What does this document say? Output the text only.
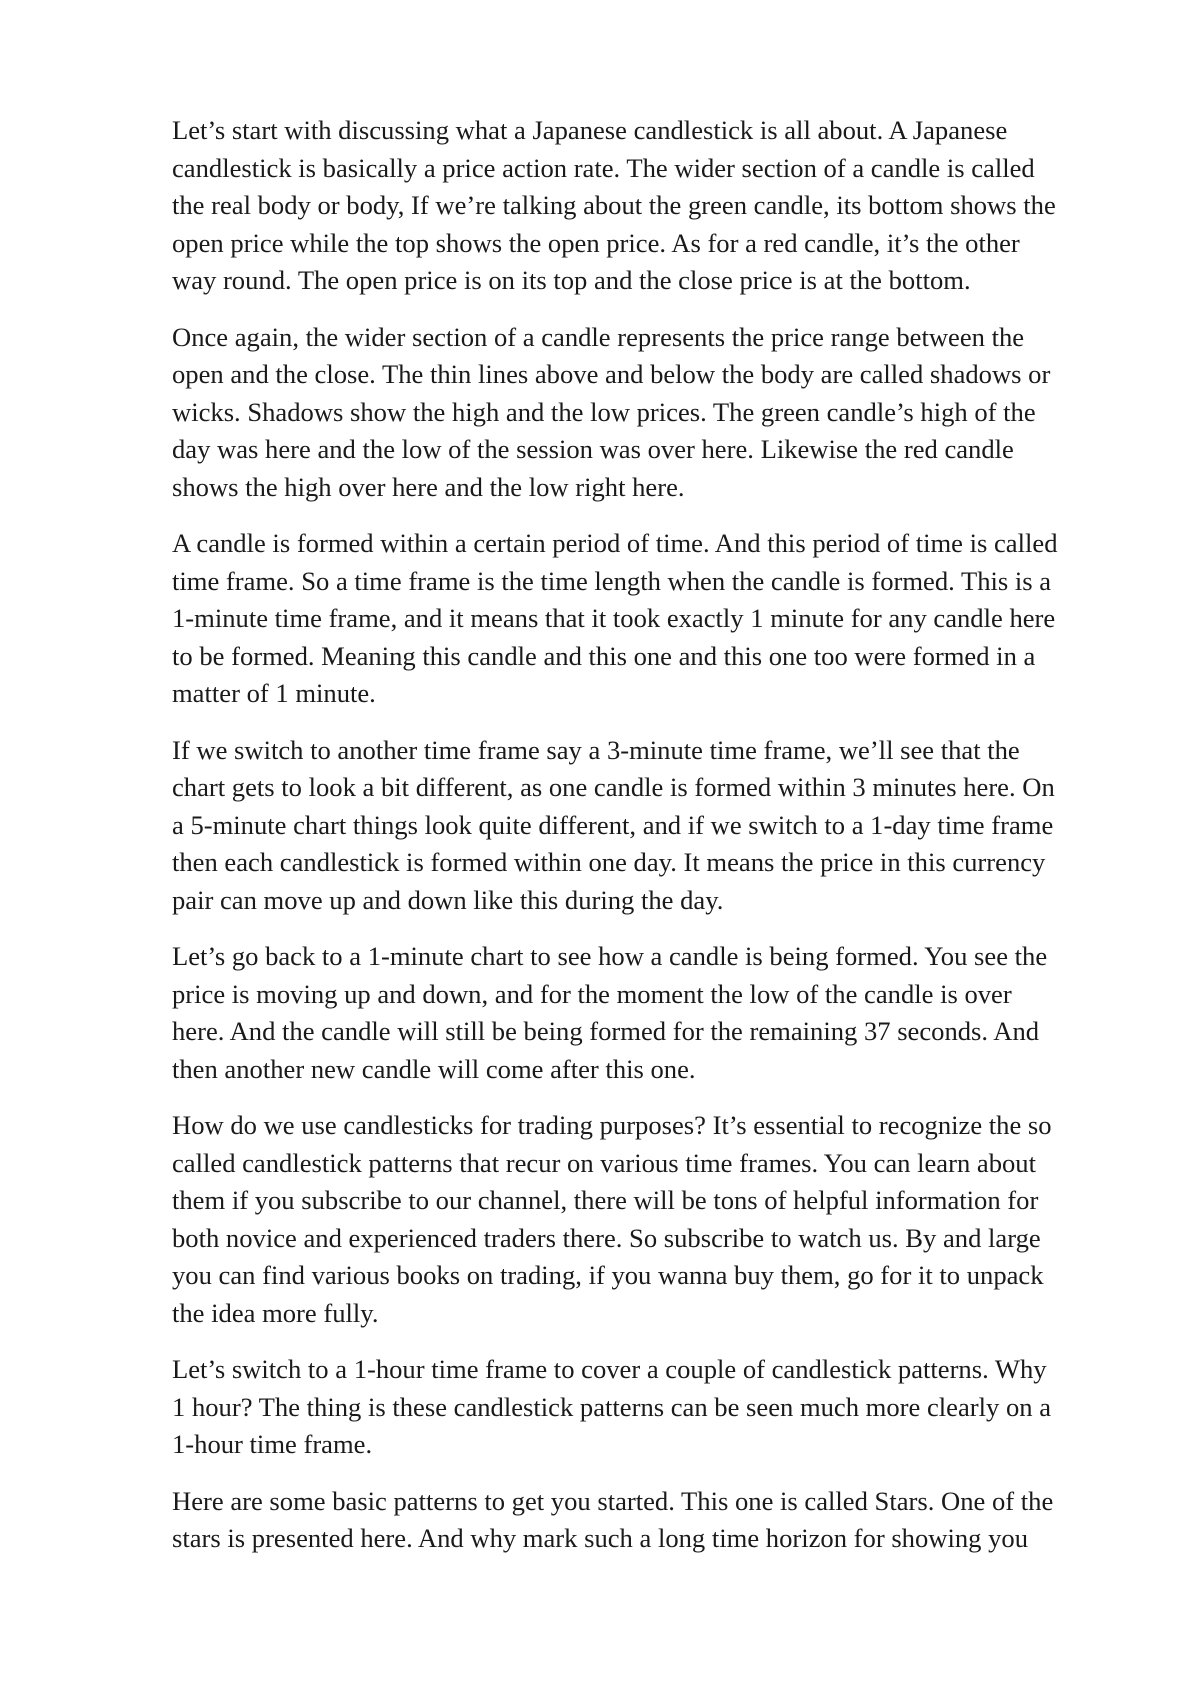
Let’s start with discussing what a Japanese candlestick is all about. A Japanese
candlestick is basically a price action rate. The wider section of a candle is called
the real body or body, If we’re talking about the green candle, its bottom shows the
open price while the top shows the open price. As for a red candle, it’s the other
way round. The open price is on its top and the close price is at the bottom.

Once again, the wider section of a candle represents the price range between the
open and the close. The thin lines above and below the body are called shadows or
wicks. Shadows show the high and the low prices. The green candle’s high of the
day was here and the low of the session was over here. Likewise the red candle
shows the high over here and the low right here.

A candle is formed within a certain period of time. And this period of time is called
time frame. So a time frame is the time length when the candle is formed. This is a
1-minute time frame, and it means that it took exactly 1 minute for any candle here
to be formed. Meaning this candle and this one and this one too were formed in a
matter of 1 minute.

If we switch to another time frame say a 3-minute time frame, we’ll see that the
chart gets to look a bit different, as one candle is formed within 3 minutes here. On
a 5-minute chart things look quite different, and if we switch to a 1-day time frame
then each candlestick is formed within one day. It means the price in this currency
pair can move up and down like this during the day.

Let’s go back to a 1-minute chart to see how a candle is being formed. You see the
price is moving up and down, and for the moment the low of the candle is over
here. And the candle will still be being formed for the remaining 37 seconds. And
then another new candle will come after this one.

How do we use candlesticks for trading purposes? It’s essential to recognize the so
called candlestick patterns that recur on various time frames. You can learn about
them if you subscribe to our channel, there will be tons of helpful information for
both novice and experienced traders there. So subscribe to watch us. By and large
you can find various books on trading, if you wanna buy them, go for it to unpack
the idea more fully.

Let’s switch to a 1-hour time frame to cover a couple of candlestick patterns. Why
1 hour? The thing is these candlestick patterns can be seen much more clearly on a
1-hour time frame.

Here are some basic patterns to get you started. This one is called Stars. One of the
stars is presented here. And why mark such a long time horizon for showing you
